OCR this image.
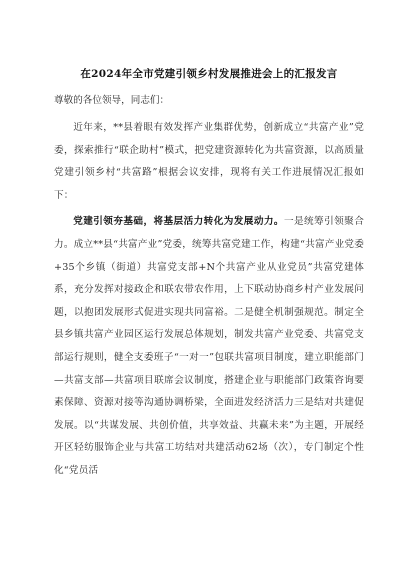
在2024年全市党建引领乡村发展推进会上的汇报发言

尊敬的各位领导，同志们：

近年来，**县着眼有效发挥产业集群优势，创新成立“共富产业”党委，探索推行“联企助村”模式，把党建资源转化为共富资源，以高质量党建引领乡村“共富路”根据会议安排，现将有关工作进展情况汇报如下：

党建引领夯基础，将基层活力转化为发展动力。一是统筹引领聚合力。成立**县“共富产业”党委，统筹共富党建工作，构建“共富产业党委+35个乡镇（街道）共富党支部+N个共富产业从业党员”共富党建体系，充分发挥对接政企和联农带农作用，上下联动协商乡村产业发展问题，以抱团发展形式促进实现共同富裕。二是健全机制强规范。制定全县乡镇共富产业园区运行发展总体规划，制发共富产业党委、共富党支部运行规则，健全支委班子“一对一”包联共富项目制度，建立职能部门—共富支部—共富项目联席会议制度，搭建企业与职能部门政策咨询要素保障、资源对接等沟通协调桥梁，全面进发经济活力三是结对共建促发展。以“共谋发展、共创价值，共享效益、共赢未来”为主题，开展经开区轻纺服饰企业与共富工坊结对共建活动62场（次），专门制定个性化“党员活
